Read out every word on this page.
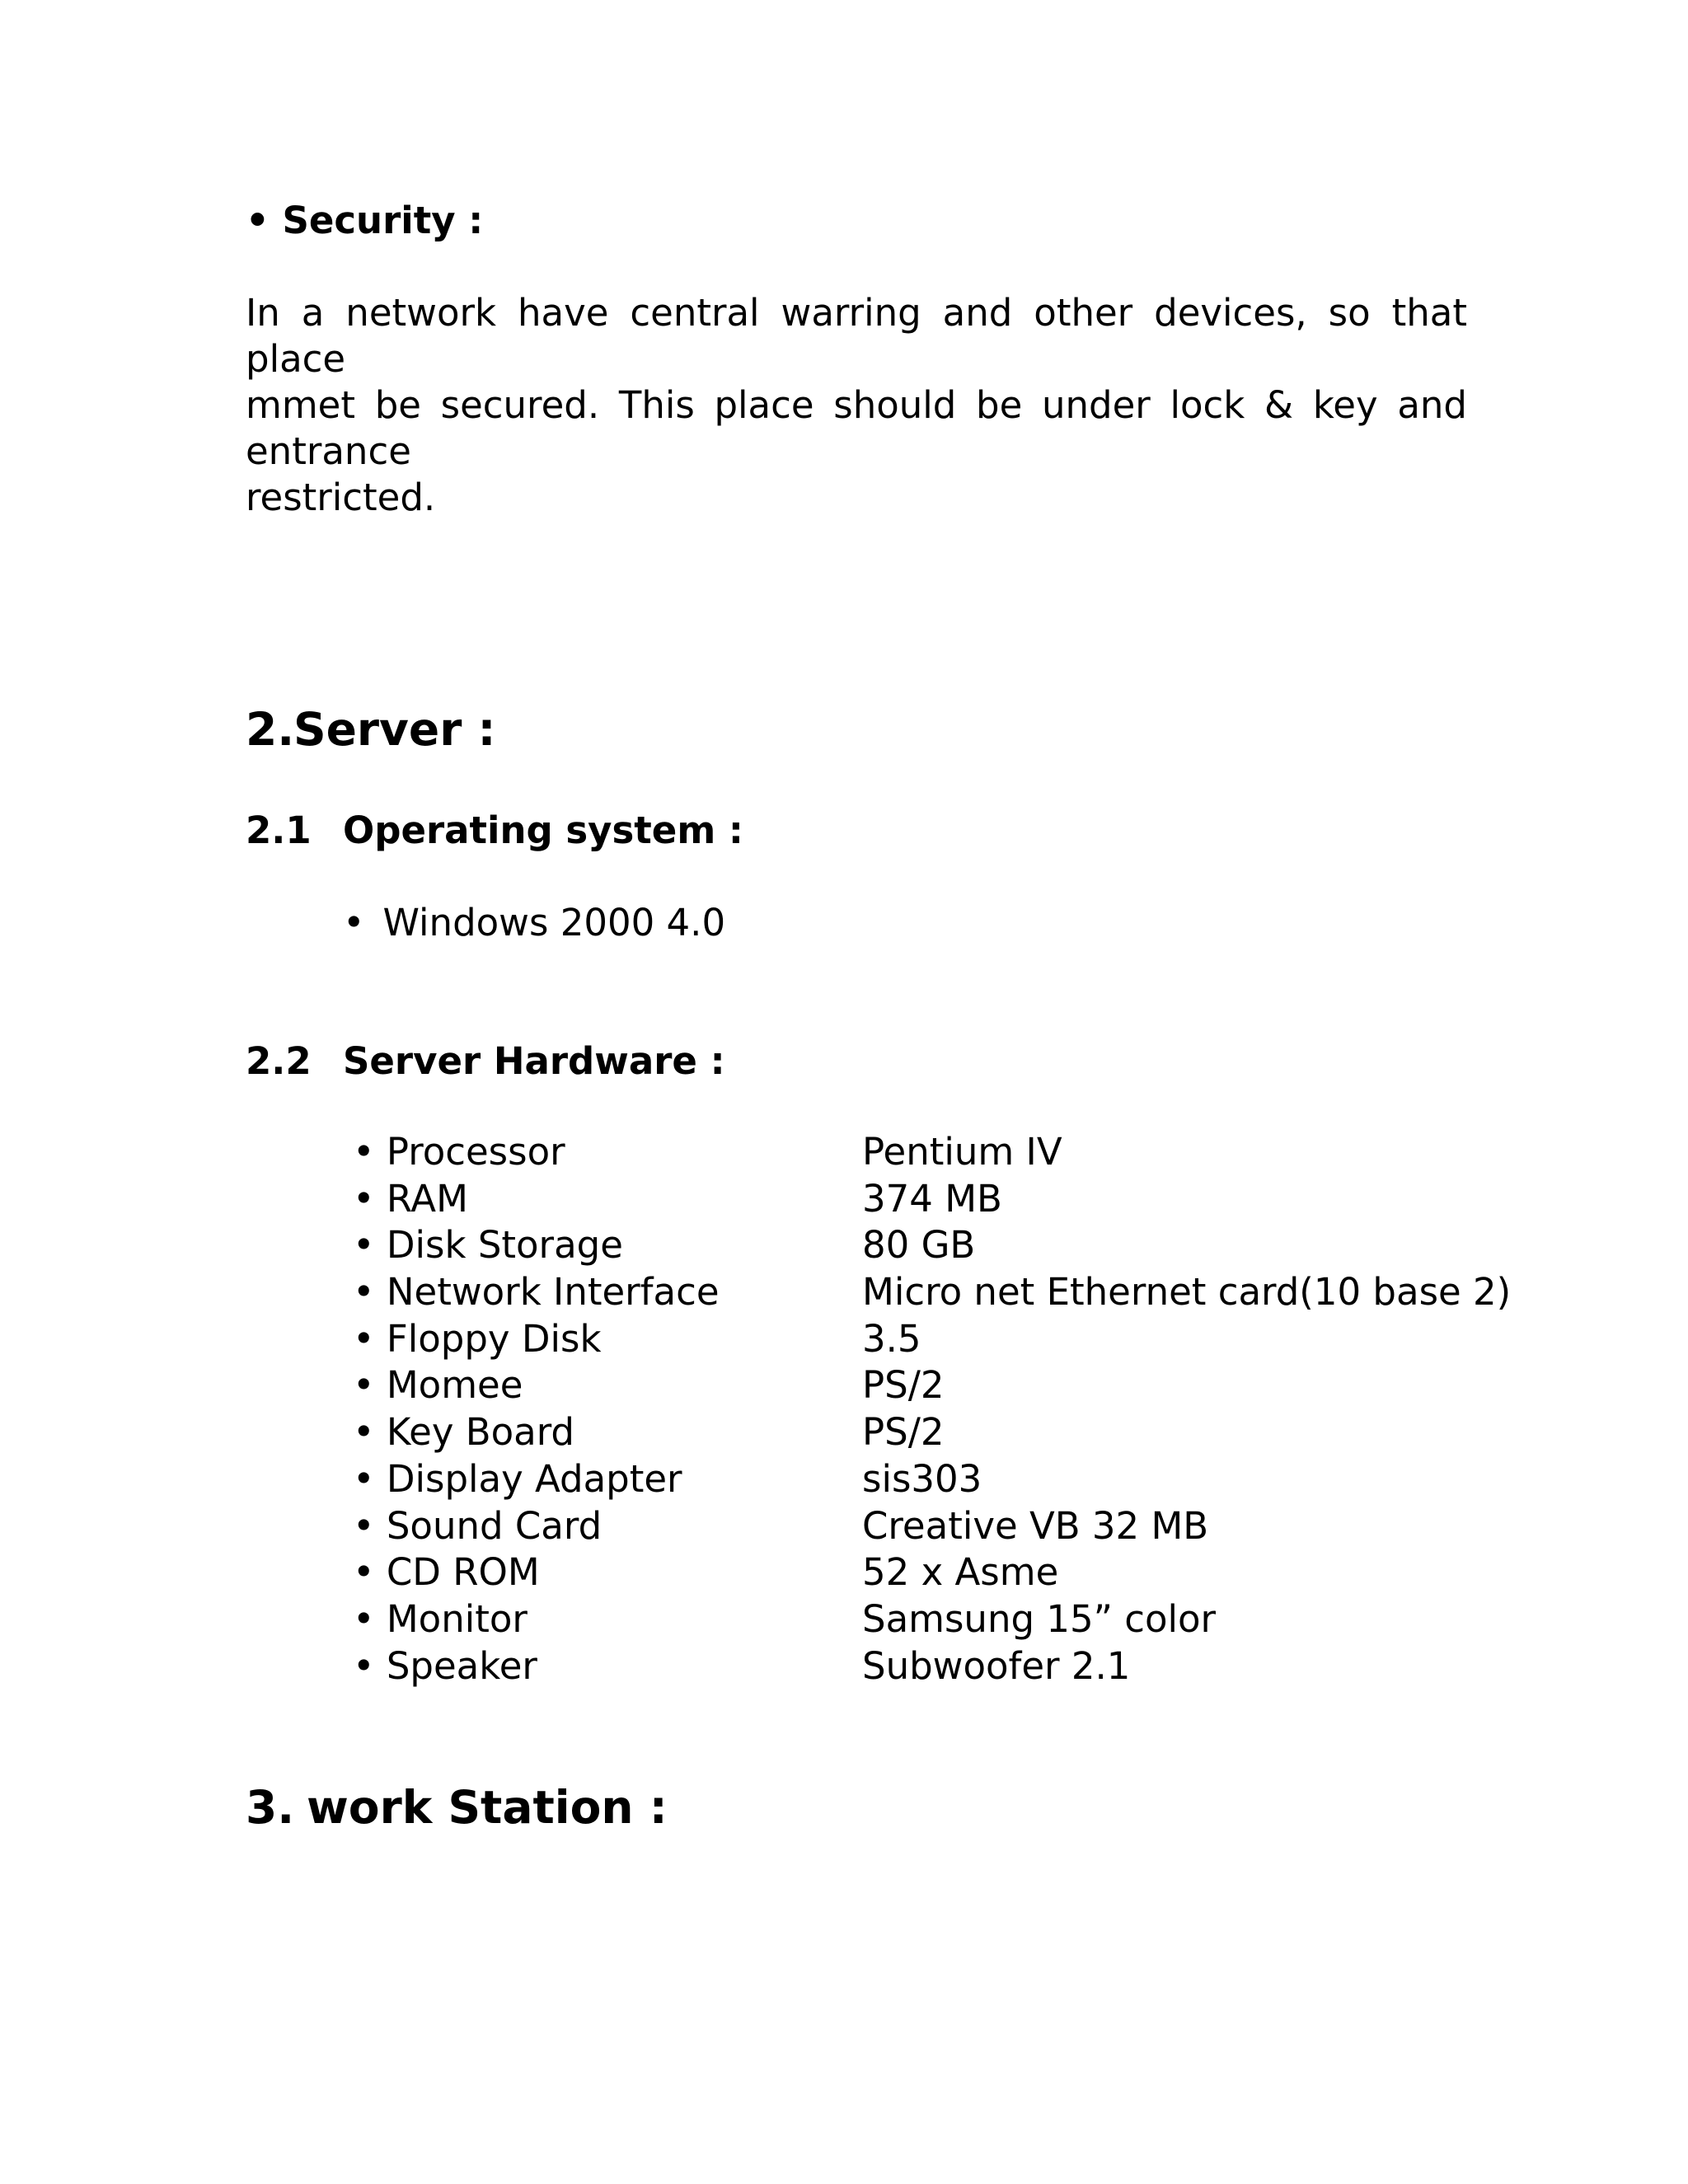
• Security :
In a network have central warring and other devices, so that place
mmet be secured. This place should be under lock & key and entrance
restricted.
2.Server :
2.1 Operating system :
• Windows 2000 4.0
2.2 Server Hardware :
• Processor	Pentium IV
• RAM	374 MB
• Disk Storage	80 GB
• Network Interface	Micro net Ethernet card(10 base 2)
• Floppy Disk	3.5
• Momee	PS/2
• Key Board	PS/2
• Display Adapter	sis303
• Sound Card	Creative VB 32 MB
• CD ROM	52 x Asme
• Monitor	Samsung 15” color
• Speaker	Subwoofer 2.1
3. work Station :
